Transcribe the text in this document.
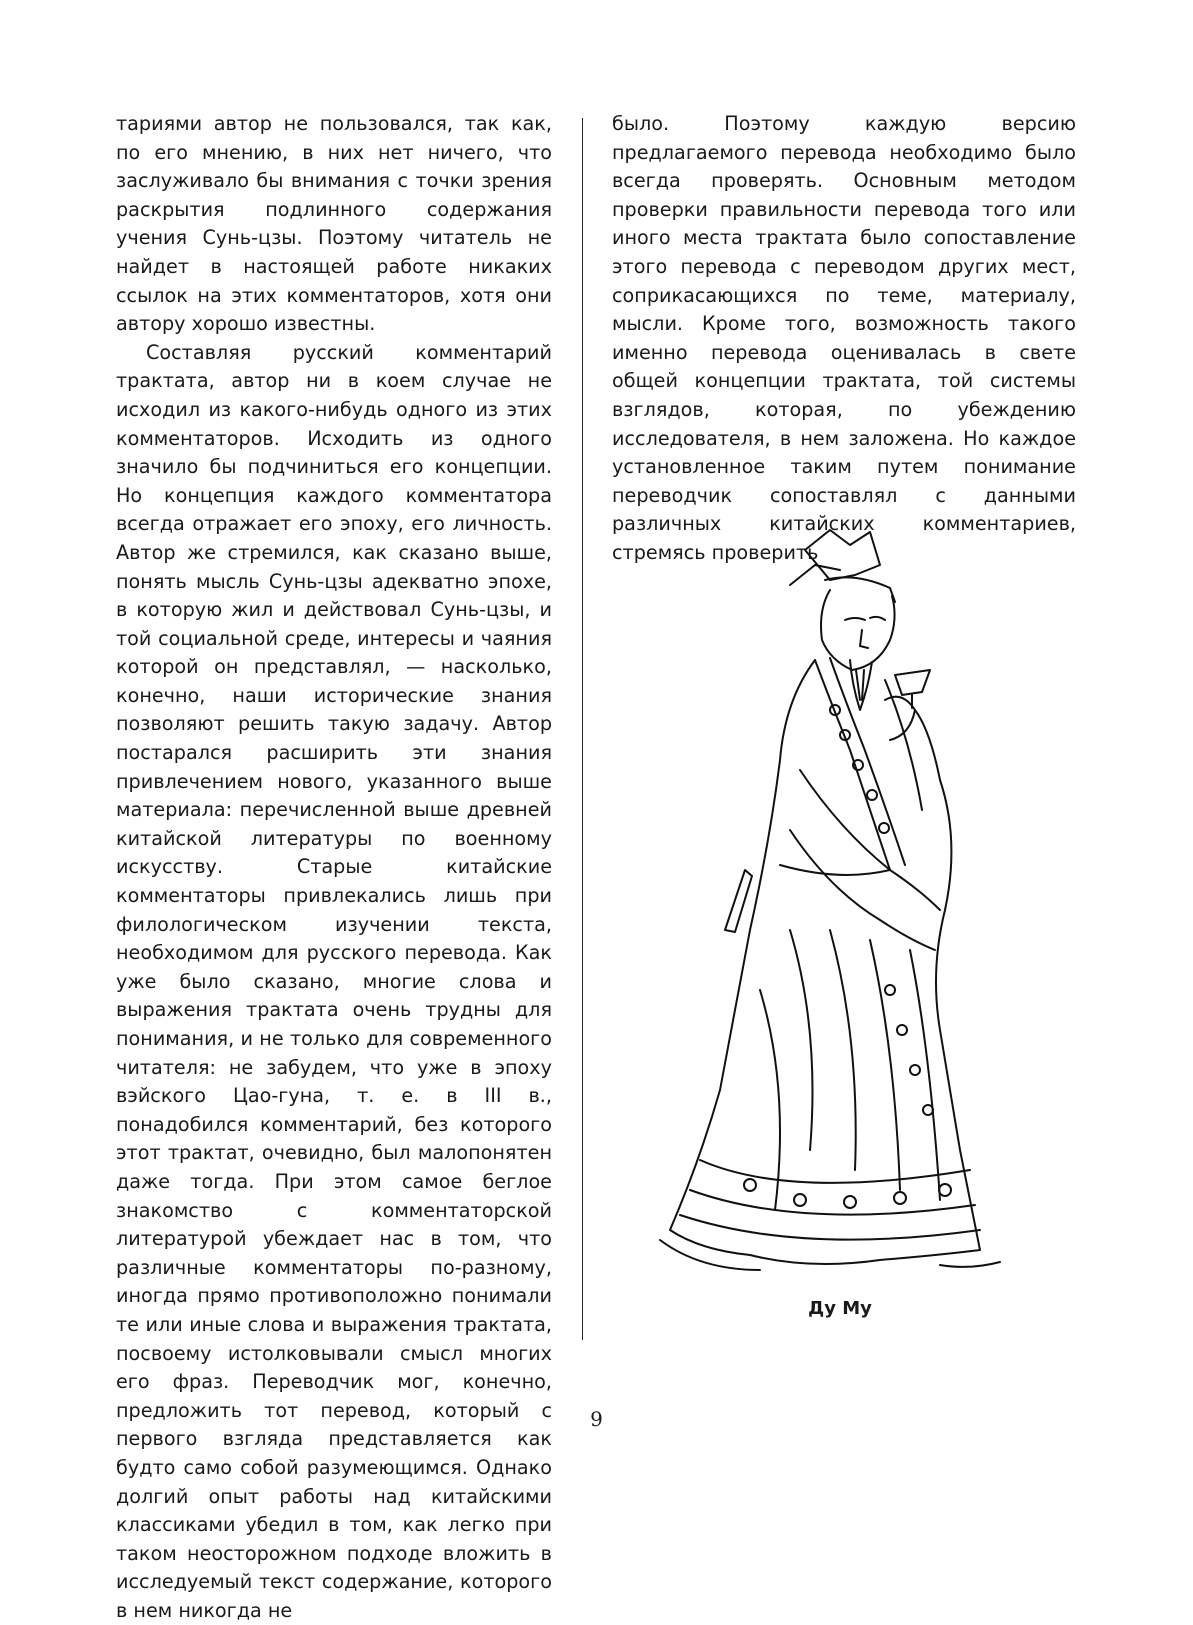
тариями автор не пользовался, так как, по его мнению, в них нет ничего, что заслуживало бы внимания с точки зрения раскрытия подлинного содержания учения Сунь-цзы. Поэтому читатель не найдет в настоящей работе никаких ссылок на этих комментаторов, хотя они автору хорошо известны.

Составляя русский комментарий трактата, автор ни в коем случае не исходил из какого-нибудь одного из этих комментаторов. Исходить из одного значило бы подчиниться его концепции. Но концепция каждого комментатора всегда отражает его эпоху, его личность. Автор же стремился, как сказано выше, понять мысль Сунь-цзы адекватно эпохе, в которую жил и действовал Сунь-цзы, и той социальной среде, интересы и чаяния которой он представлял, — насколько, конечно, наши исторические знания позволяют решить такую задачу. Автор постарался расширить эти знания привлечением нового, указанного выше материала: перечисленной выше древней китайской литературы по военному искусству. Старые китайские комментаторы привлекались лишь при филологическом изучении текста, необходимом для русского перевода. Как уже было сказано, многие слова и выражения трактата очень трудны для понимания, и не только для современного читателя: не забудем, что уже в эпоху вэйского Цао-гуна, т. е. в III в., понадобился комментарий, без которого этот трактат, очевидно, был малопонятен даже тогда. При этом самое беглое знакомство с комментаторской литературой убеждает нас в том, что различные комментаторы по-разному, иногда прямо противоположно понимали те или иные слова и выражения трактата, посвоему истолковывали смысл многих его фраз. Переводчик мог, конечно, предложить тот перевод, который с первого взгляда представляется как будто само собой разумеющимся. Однако долгий опыт работы над китайскими классиками убедил в том, как легко при таком неосторожном подходе вложить в исследуемый текст содержание, которого в нем никогда не

было. Поэтому каждую версию предлагаемого перевода необходимо было всегда проверять. Основным методом проверки правильности перевода того или иного места трактата было сопоставление этого перевода с переводом других мест, соприкасающихся по теме, материалу, мысли. Кроме того, возможность такого именно перевода оценивалась в свете общей концепции трактата, той системы взглядов, которая, по убеждению исследователя, в нем заложена. Но каждое установленное таким путем понимание переводчик сопоставлял с данными различных китайских комментариев, стремясь проверить

Ду Му
9
